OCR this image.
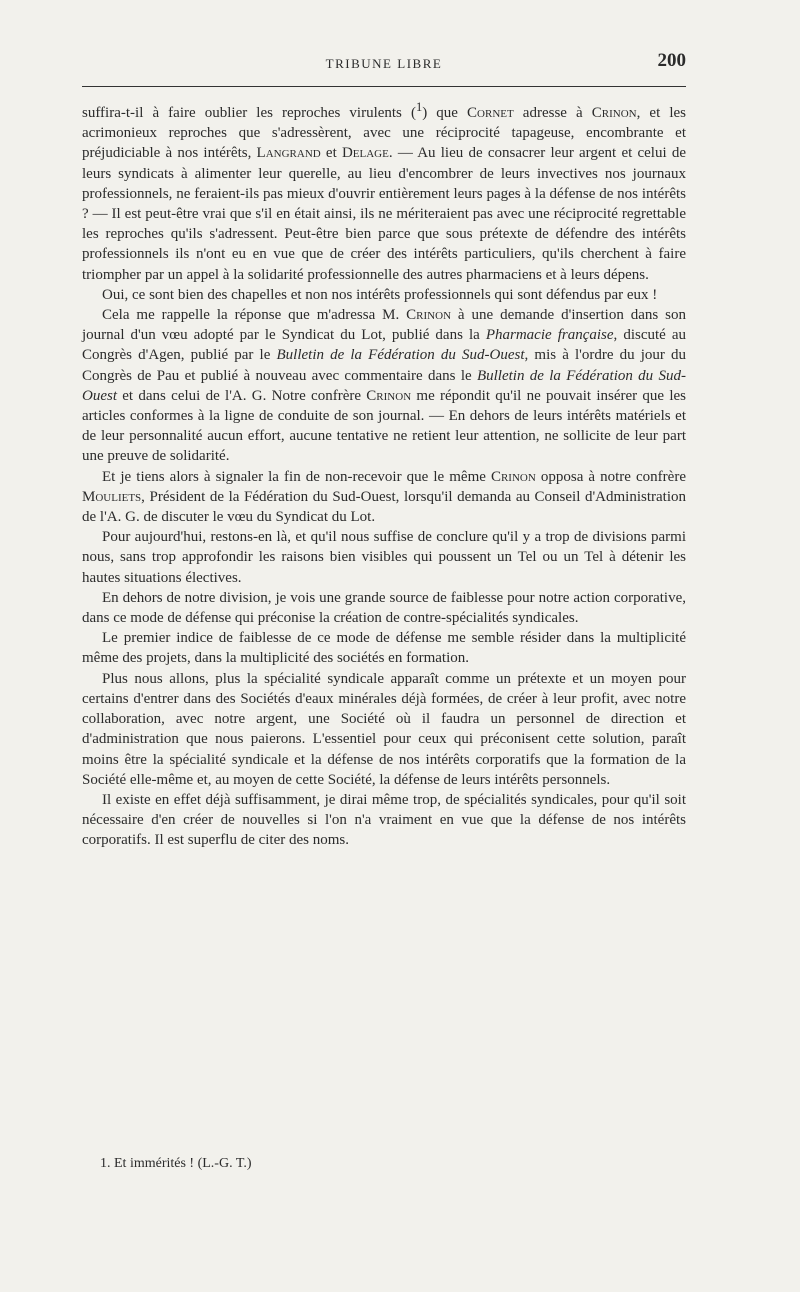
TRIBUNE LIBRE	200

suffira-t-il à faire oublier les reproches virulents ($^1$) que Cornet adresse à Crinon, et les acrimonieux reproches que s'adressèrent, avec une réciprocité tapageuse, encombrante et préjudiciable à nos intérêts, Langrand et Delage. — Au lieu de consacrer leur argent et celui de leurs syndicats à alimenter leur querelle, au lieu d'encombrer de leurs invectives nos journaux professionnels, ne feraient-ils pas mieux d'ouvrir entièrement leurs pages à la défense de nos intérêts ? — Il est peut-être vrai que s'il en était ainsi, ils ne mériteraient pas avec une réciprocité regrettable les reproches qu'ils s'adressent. Peut-être bien parce que sous prétexte de défendre des intérêts professionnels ils n'ont eu en vue que de créer des intérêts particuliers, qu'ils cherchent à faire triompher par un appel à la solidarité professionnelle des autres pharmaciens et à leurs dépens.

Oui, ce sont bien des chapelles et non nos intérêts professionnels qui sont défendus par eux !

Cela me rappelle la réponse que m'adressa M. Crinon à une demande d'insertion dans son journal d'un vœu adopté par le Syndicat du Lot, publié dans la Pharmacie française, discuté au Congrès d'Agen, publié par le Bulletin de la Fédération du Sud-Ouest, mis à l'ordre du jour du Congrès de Pau et publié à nouveau avec commentaire dans le Bulletin de la Fédération du Sud-Ouest et dans celui de l'A. G. Notre confrère Crinon me répondit qu'il ne pouvait insérer que les articles conformes à la ligne de conduite de son journal. — En dehors de leurs intérêts matériels et de leur personnalité aucun effort, aucune tentative ne retient leur attention, ne sollicite de leur part une preuve de solidarité.

Et je tiens alors à signaler la fin de non-recevoir que le même Crinon opposa à notre confrère Mouliets, Président de la Fédération du Sud-Ouest, lorsqu'il demanda au Conseil d'Administration de l'A. G. de discuter le vœu du Syndicat du Lot.

Pour aujourd'hui, restons-en là, et qu'il nous suffise de conclure qu'il y a trop de divisions parmi nous, sans trop approfondir les raisons bien visibles qui poussent un Tel ou un Tel à détenir les hautes situations électives.

En dehors de notre division, je vois une grande source de faiblesse pour notre action corporative, dans ce mode de défense qui préconise la création de contre-spécialités syndicales.

Le premier indice de faiblesse de ce mode de défense me semble résider dans la multiplicité même des projets, dans la multiplicité des sociétés en formation.

Plus nous allons, plus la spécialité syndicale apparaît comme un prétexte et un moyen pour certains d'entrer dans des Sociétés d'eaux minérales déjà formées, de créer à leur profit, avec notre collaboration, avec notre argent, une Société où il faudra un personnel de direction et d'administration que nous paierons. L'essentiel pour ceux qui préconisent cette solution, paraît moins être la spécialité syndicale et la défense de nos intérêts corporatifs que la formation de la Société elle-même et, au moyen de cette Société, la défense de leurs intérêts personnels.

Il existe en effet déjà suffisamment, je dirai même trop, de spécialités syndicales, pour qu'il soit nécessaire d'en créer de nouvelles si l'on n'a vraiment en vue que la défense de nos intérêts corporatifs. Il est superflu de citer des noms.

1. Et immérités ! (L.-G. T.)
